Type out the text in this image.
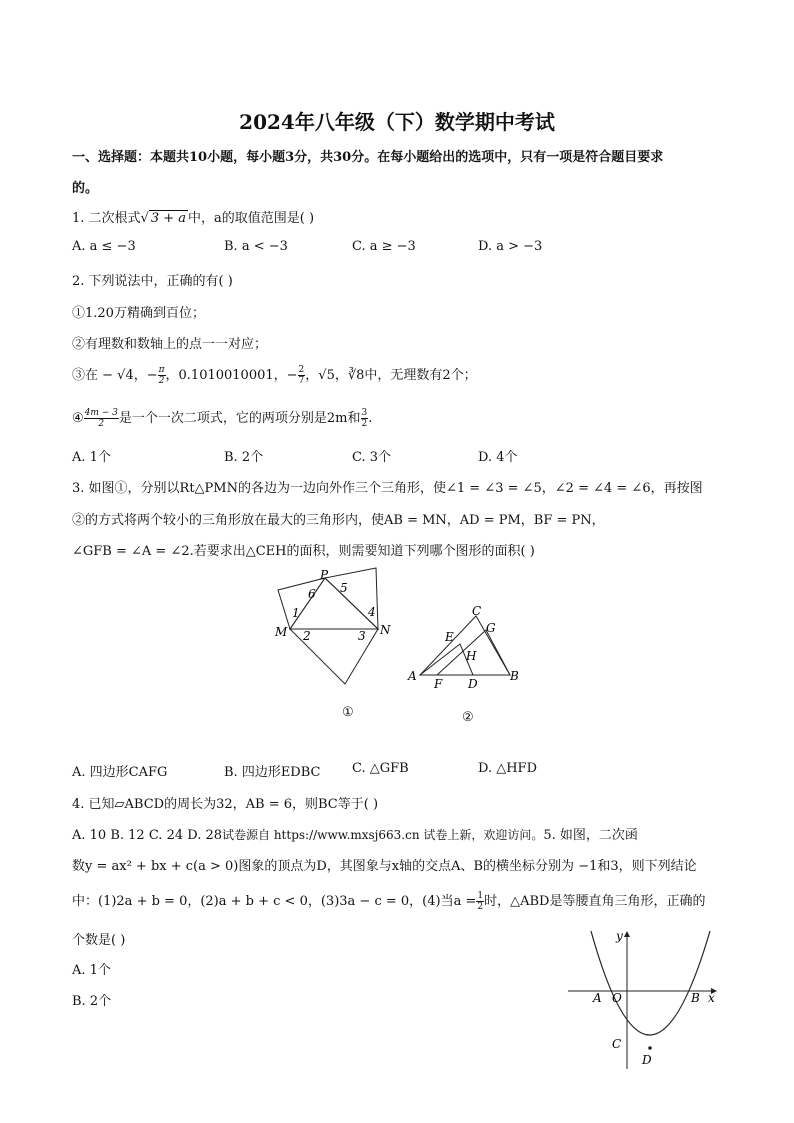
2024年八年级（下）数学期中考试
一、选择题：本题共10小题，每小题3分，共30分。在每小题给出的选项中，只有一项是符合题目要求
的。
1. 二次根式√ 3 + a 中，a的取值范围是( )
A. a ≤ −3	B. a < −3	C. a ≥ −3	D. a > −3
2. 下列说法中，正确的有( )
①1.20万精确到百位；
②有理数和数轴上的点一一对应；
③在 − √4，− $\frac{\pi}{2}$ ，0.1010010001，− $\frac{2}{7}$ ，√5，∛8中，无理数有2个；
④ $\frac{4m - 3}{2}$ 是一个一次二项式，它的两项分别是2m和 $\frac{3}{2}$ .
A. 1个	B. 2个	C. 3个	D. 4个
3. 如图①，分别以Rt△PMN的各边为一边向外作三个三角形，使∠1 = ∠3 = ∠5，∠2 = ∠4 = ∠6，再按图
②的方式将两个较小的三角形放在最大的三角形内，使AB = MN，AD = PM，BF = PN，
∠GFB = ∠A = ∠2.若要求出△CEH的面积，则需要知道下列哪个图形的面积( )
P
M	N
1
2	3
4
5
6
①
C
E
G
H
A
F D
B
②
A. 四边形CAFG	B. 四边形EDBC C. △GFB	D. △HFD
4. 已知▱ABCD的周长为32，AB = 6，则BC等于( )
A. 10 B. 12 C. 24 D. 28试卷源自 https://www.mxsj663.cn 试卷上新，欢迎访问。5. 如图，二次函
数y = ax² + bx + c(a > 0)图象的顶点为D，其图象与x轴的交点A、B的横坐标分别为 −1和3，则下列结论
中：(1)2a + b = 0，(2)a + b + c < 0，(3)3a − c = 0，(4)当$a = \frac{1}{2}$ 时，△ABD是等腰直角三角形，正确的
个数是( )
A. 1个
B. 2个
y
x
A O	B
C
D
